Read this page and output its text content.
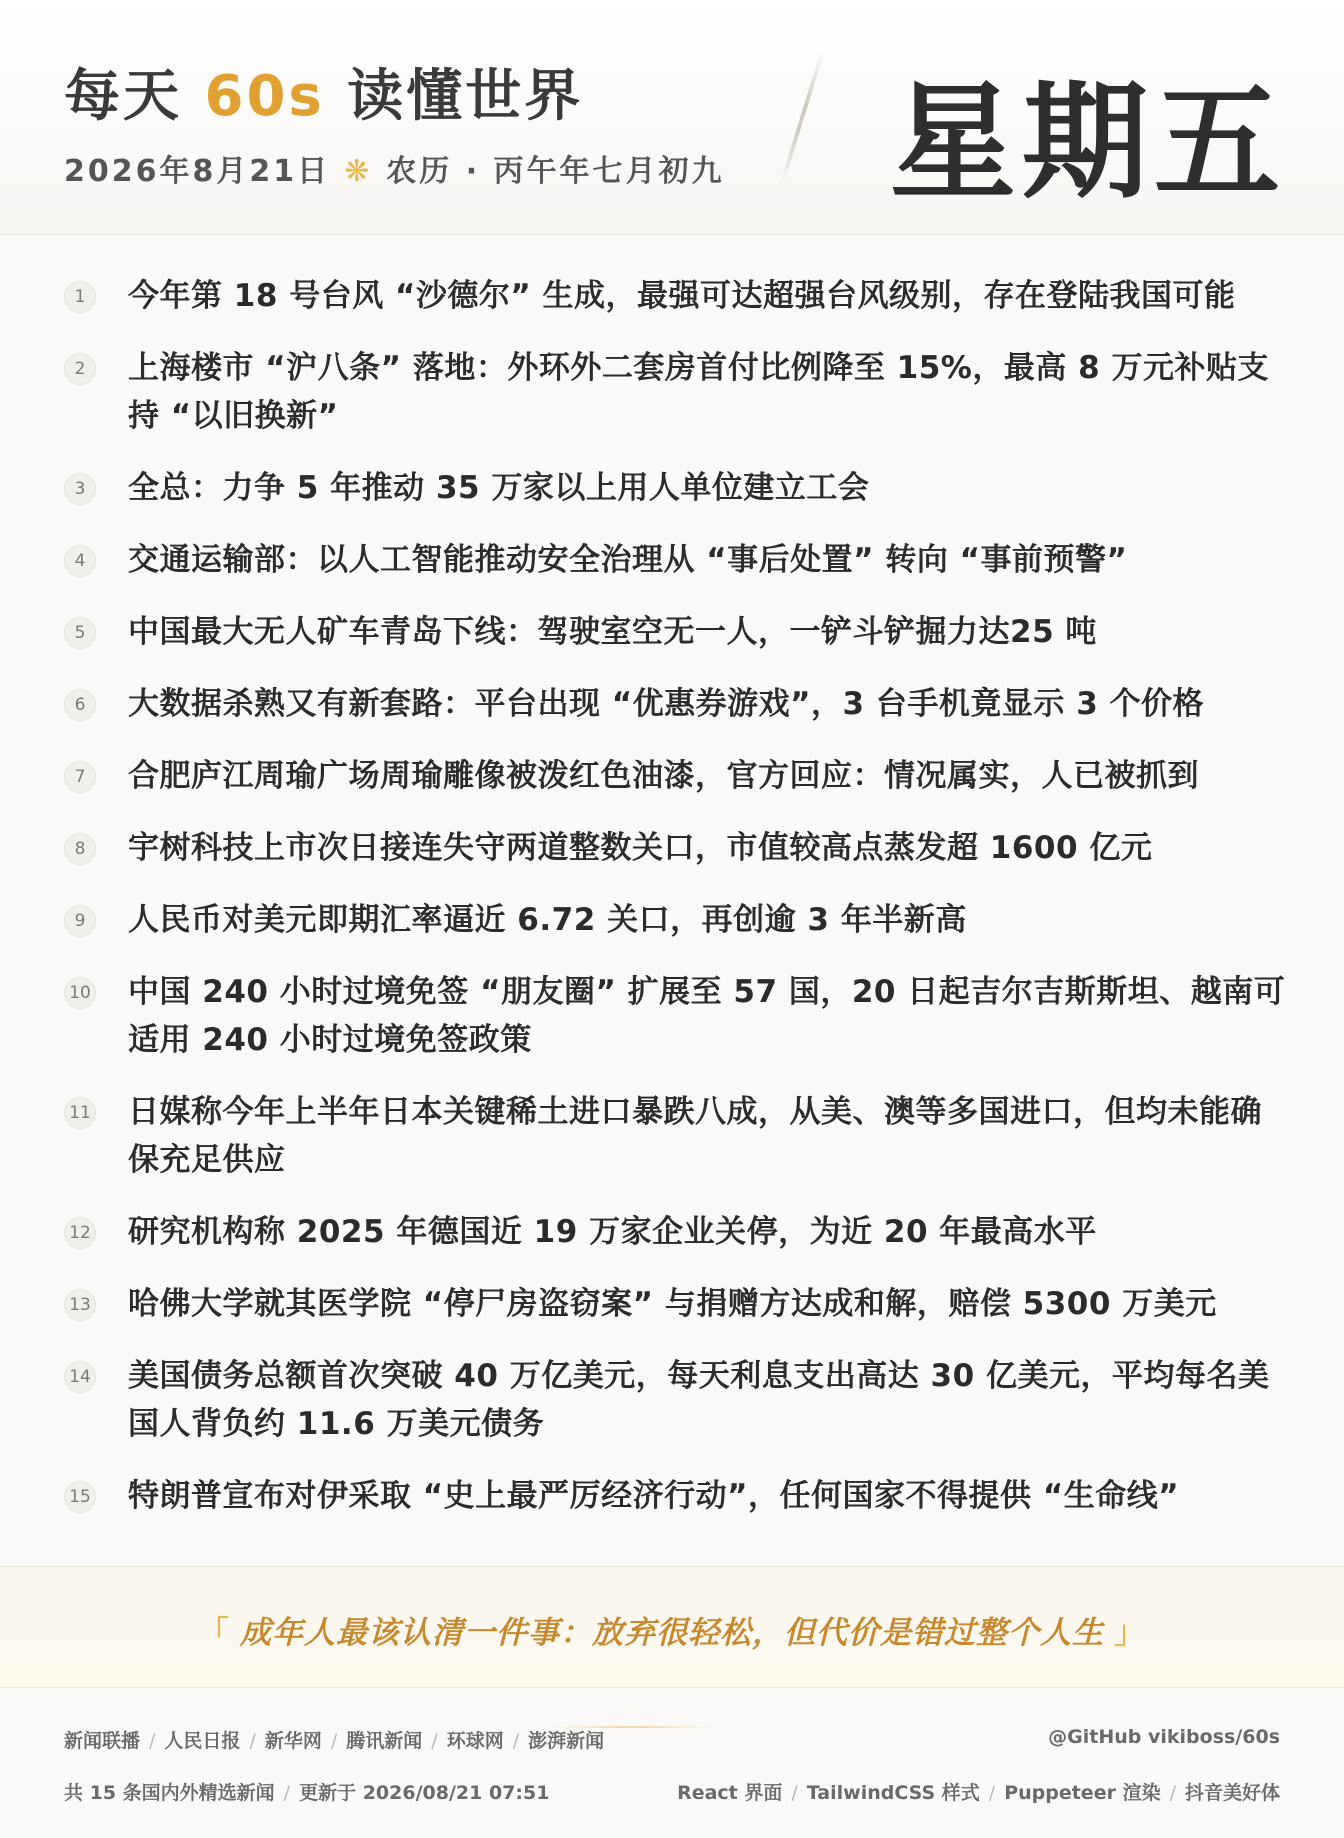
每天 60s 读懂世界
2026年8月21日 ❋ 农历 · 丙午年七月初九 星期五
1	今年第 18 号台风 “沙德尔” 生成，最强可达超强台风级别，存在登陆我国可能
2	上海楼市 “沪八条” 落地：外环外二套房首付比例降至 15%，最高 8 万元补贴支持 “以旧换新”
3	全总：力争 5 年推动 35 万家以上用人单位建立工会
4	交通运输部：以人工智能推动安全治理从 “事后处置” 转向 “事前预警”
5	中国最大无人矿车青岛下线：驾驶室空无一人，一铲斗铲掘力达25 吨
6	大数据杀熟又有新套路：平台出现 “优惠券游戏”，3 台手机竟显示 3 个价格
7	合肥庐江周瑜广场周瑜雕像被泼红色油漆，官方回应：情况属实，人已被抓到
8	宇树科技上市次日接连失守两道整数关口，市值较高点蒸发超 1600 亿元
9	人民币对美元即期汇率逼近 6.72 关口，再创逾 3 年半新高
10 中国 240 小时过境免签 “朋友圈” 扩展至 57 国，20 日起吉尔吉斯斯坦、越南可适用 240 小时过境免签政策
11 日媒称今年上半年日本关键稀土进口暴跌八成，从美、澳等多国进口，但均未能确保充足供应
12 研究机构称 2025 年德国近 19 万家企业关停，为近 20 年最高水平
13 哈佛大学就其医学院 “停尸房盗窃案” 与捐赠方达成和解，赔偿 5300 万美元
14 美国债务总额首次突破 40 万亿美元，每天利息支出高达 30 亿美元，平均每名美国人背负约 11.6 万美元债务
15 特朗普宣布对伊采取 “史上最严厉经济行动”，任何国家不得提供 “生命线”
「 成年人最该认清一件事：放弃很轻松，但代价是错过整个人生 」
新闻联播 / 人民日报 / 新华网 / 腾讯新闻 / 环球网 / 澎湃新闻	@GitHub vikiboss/60s
共 15 条国内外精选新闻 / 更新于 2026/08/21 07:51	React 界面 / TailwindCSS 样式 / Puppeteer 渲染 / 抖音美好体
